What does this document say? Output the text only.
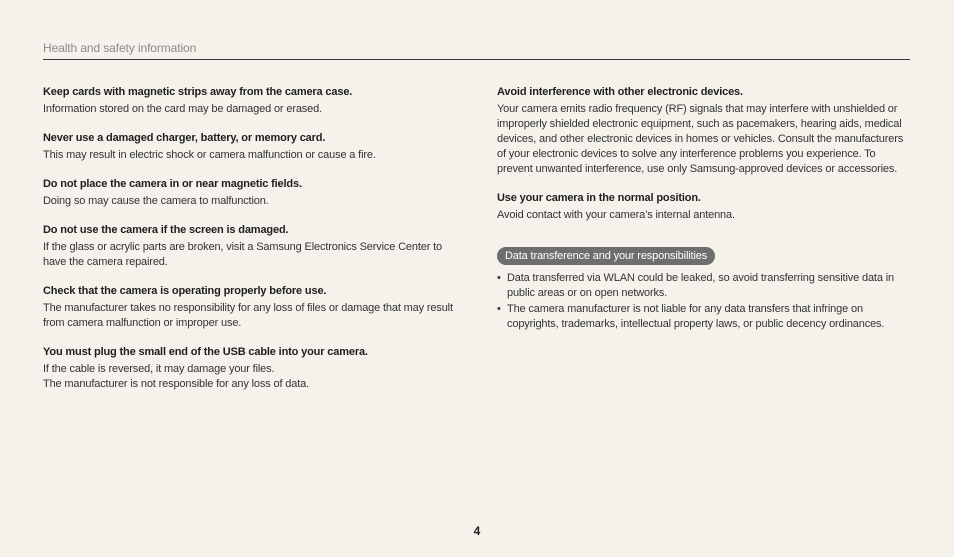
Health and safety information
Keep cards with magnetic strips away from the camera case.

Information stored on the card may be damaged or erased.

Never use a damaged charger, battery, or memory card.

This may result in electric shock or camera malfunction or cause a fire.

Do not place the camera in or near magnetic fields.

Doing so may cause the camera to malfunction.

Do not use the camera if the screen is damaged.

If the glass or acrylic parts are broken, visit a Samsung Electronics Service Center to have the camera repaired.

Check that the camera is operating properly before use.

The manufacturer takes no responsibility for any loss of files or damage that may result from camera malfunction or improper use.

You must plug the small end of the USB cable into your camera.

If the cable is reversed, it may damage your files.

The manufacturer is not responsible for any loss of data.

Avoid interference with other electronic devices.

Your camera emits radio frequency (RF) signals that may interfere with unshielded or improperly shielded electronic equipment, such as pacemakers, hearing aids, medical devices, and other electronic devices in homes or vehicles. Consult the manufacturers of your electronic devices to solve any interference problems you experience. To prevent unwanted interference, use only Samsung-approved devices or accessories.

Use your camera in the normal position.

Avoid contact with your camera’s internal antenna.

Data transference and your responsibilities
• Data transferred via WLAN could be leaked, so avoid transferring sensitive data in public areas or on open networks.
• The camera manufacturer is not liable for any data transfers that infringe on copyrights, trademarks, intellectual property laws, or public decency ordinances.
4
